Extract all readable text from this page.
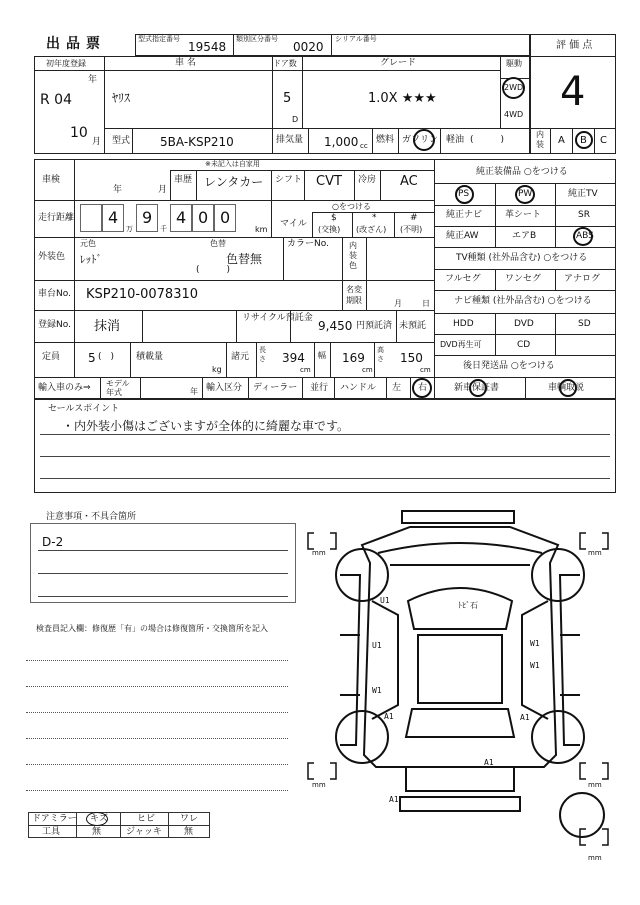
出品票	型式指定番号
19548
類別区分番号
0020
シリアル番号
評 価 点
4
内装 A B C
初年度登録
R 04
年
10
月
車 名
ﾔﾘｽ
ドア数
5
D
グレード
1.0X ★★★
駆動
2WD
4WD
型式 5BA-KSP210	排気量 1,000 cc
燃料 ガソリン 軽油 (　　　)
※未記入は自家用
車検
年	月
車歴 レンタカー シフト CVT 冷房 AC
走行距離 4
万
9
千
4 0 0
km
○をつける
マイル
$
(交換)
*
(改ざん)
#
(不明)
外装色
元色
ﾚｯﾄﾞ
色替
色替無
(　　　)
カラーNo.	内装色
車台No. KSP210-0078310	名変期限	月	日
登録No. 抹消
リサイクル預託金
9,450 円預託済 未預託
定員 5 (　) 積載量
kg
諸元
長さ 394
cm
幅 169
cm
高さ 150
cm
輸入車のみ⇒ モデル年式	年 輸入区分 ディーラー 並行 ハンドル 左 右
純正装備品 ○をつける
PS	PW	純正TV
純正ナビ	革シート	SR
純正AW	エアB	ABS
TV種類 (社外品含む) ○をつける
フルセグ	ワンセグ	アナログ
ナビ種類 (社外品含む) ○をつける
HDD	DVD	SD
DVD再生可	CD
後日発送品 ○をつける
新車保証書	車輌取説
セールスポイント
・内外装小傷はございますが全体的に綺麗な車です。
注意事項・不具合箇所
D-2
検査員記入欄：修復歴「有」の場合は修復箇所・交換箇所を記入
ドアミラー キズ	ヒビ	ワレ
工具	無	ジャッキ 無
mm	mm
mm	mm
mm
U1
U1
W1
A1
W1
W1
A1
A1
A1
ﾄﾋﾞ石
